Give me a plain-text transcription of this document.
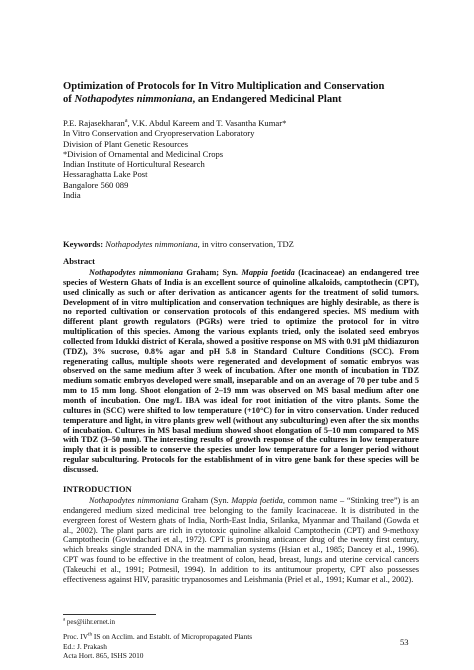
Optimization of Protocols for In Vitro Multiplication and Conservation
of Nothapodytes nimmoniana, an Endangered Medicinal Plant
P.E. Rajasekharan$^a$, V.K. Abdul Kareem and T. Vasantha Kumar*
In Vitro Conservation and Cryopreservation Laboratory
Division of Plant Genetic Resources
*Division of Ornamental and Medicinal Crops
Indian Institute of Horticultural Research
Hessaraghatta Lake Post
Bangalore 560 089
India
Keywords: Nothapodytes nimmoniana, in vitro conservation, TDZ
Abstract

Nothapodytes nimmoniana Graham; Syn. Mappia foetida (Icacinaceae) an endangered tree species of Western Ghats of India is an excellent source of quinoline alkaloids, camptothecin (CPT), used clinically as such or after derivation as anticancer agents for the treatment of solid tumors. Development of in vitro multiplication and conservation techniques are highly desirable, as there is no reported cultivation or conservation protocols of this endangered species. MS medium with different plant growth regulators (PGRs) were tried to optimize the protocol for in vitro multiplication of this species. Among the various explants tried, only the isolated seed embryos collected from Idukki district of Kerala, showed a positive response on MS with 0.91 µM thidiazuron (TDZ), 3% sucrose, 0.8% agar and pH 5.8 in Standard Culture Conditions (SCC). From regenerating callus, multiple shoots were regenerated and development of somatic embryos was observed on the same medium after 3 week of incubation. After one month of incubation in TDZ medium somatic embryos developed were small, inseparable and on an average of 70 per tube and 5 mm to 15 mm long. Shoot elongation of 2–19 mm was observed on MS basal medium after one month of incubation. One mg/L IBA was ideal for root initiation of the vitro plants. Some the cultures in (SCC) were shifted to low temperature (+10°C) for in vitro conservation. Under reduced temperature and light, in vitro plants grew well (without any subculturing) even after the six months of incubation. Cultures in MS basal medium showed shoot elongation of 5–10 mm compared to MS with TDZ (3–50 mm). The interesting results of growth response of the cultures in low temperature imply that it is possible to conserve the species under low temperature for a longer period without regular subculturing. Protocols for the establishment of in vitro gene bank for these species will be discussed.

INTRODUCTION

Nothapodytes nimmoniana Graham (Syn. Mappia foetida, common name – “Stinking tree”) is an endangered medium sized medicinal tree belonging to the family Icacinaceae. It is distributed in the evergreen forest of Western ghats of India, North-East India, Srilanka, Myanmar and Thailand (Gowda et al., 2002). The plant parts are rich in cytotoxic quinoline alkaloid Camptothecin (CPT) and 9-methoxy Camptothecin (Govindachari et al., 1972). CPT is promising anticancer drug of the twenty first century, which breaks single stranded DNA in the mammalian systems (Hsian et al., 1985; Dancey et al., 1996). CPT was found to be effective in the treatment of colon, head, breast, lungs and uterine cervical cancers (Takeuchi et al., 1991; Potmesil, 1994). In addition to its antitumour property, CPT also possesses effectiveness against HIV, parasitic trypanosomes and Leishmania (Priel et al., 1991; Kumar et al., 2002).

$^a$ pes@iihr.ernet.in
Proc. IVth IS on Acclim. and Establt. of Micropropagated Plants
Ed.: J. Prakash
Acta Hort. 865, ISHS 2010
53
